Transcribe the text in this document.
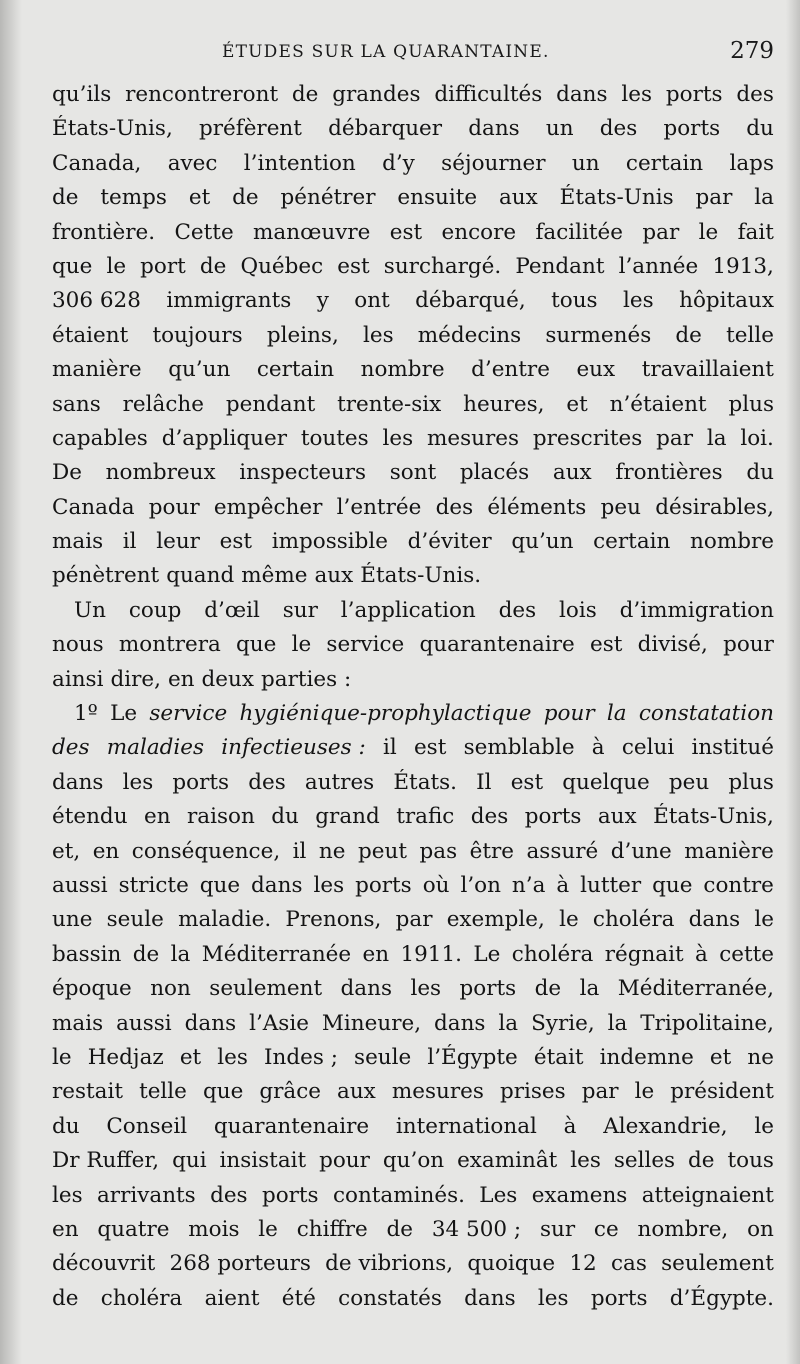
ÉTUDES SUR LA QUARANTAINE.	279
qu’ils rencontreront de grandes difficultés dans les ports des
États-Unis, préfèrent débarquer dans un des ports du
Canada, avec l’intention d’y séjourner un certain laps
de temps et de pénétrer ensuite aux États-Unis par la
frontière. Cette manœuvre est encore facilitée par le fait
que le port de Québec est surchargé. Pendant l’année 1913,
306 628 immigrants y ont débarqué, tous les hôpitaux
étaient toujours pleins, les médecins surmenés de telle
manière qu’un certain nombre d’entre eux travaillaient
sans relâche pendant trente-six heures, et n’étaient plus
capables d’appliquer toutes les mesures prescrites par la loi.
De nombreux inspecteurs sont placés aux frontières du
Canada pour empêcher l’entrée des éléments peu désirables,
mais il leur est impossible d’éviter qu’un certain nombre
pénètrent quand même aux États-Unis.
Un coup d’œil sur l’application des lois d’immigration
nous montrera que le service quarantenaire est divisé, pour
ainsi dire, en deux parties :
1º Le service hygiénique-prophylactique pour la constatation
des maladies infectieuses : il est semblable à celui institué
dans les ports des autres États. Il est quelque peu plus
étendu en raison du grand trafic des ports aux États-Unis,
et, en conséquence, il ne peut pas être assuré d’une manière
aussi stricte que dans les ports où l’on n’a à lutter que contre
une seule maladie. Prenons, par exemple, le choléra dans le
bassin de la Méditerranée en 1911. Le choléra régnait à cette
époque non seulement dans les ports de la Méditerranée,
mais aussi dans l’Asie Mineure, dans la Syrie, la Tripolitaine,
le Hedjaz et les Indes ; seule l’Égypte était indemne et ne
restait telle que grâce aux mesures prises par le président
du Conseil quarantenaire international à Alexandrie, le
Dr Ruffer, qui insistait pour qu’on examinât les selles de tous
les arrivants des ports contaminés. Les examens atteignaient
en quatre mois le chiffre de 34 500 ; sur ce nombre, on
découvrit 268 porteurs de vibrions, quoique 12 cas seulement
de choléra aient été constatés dans les ports d’Égypte.
